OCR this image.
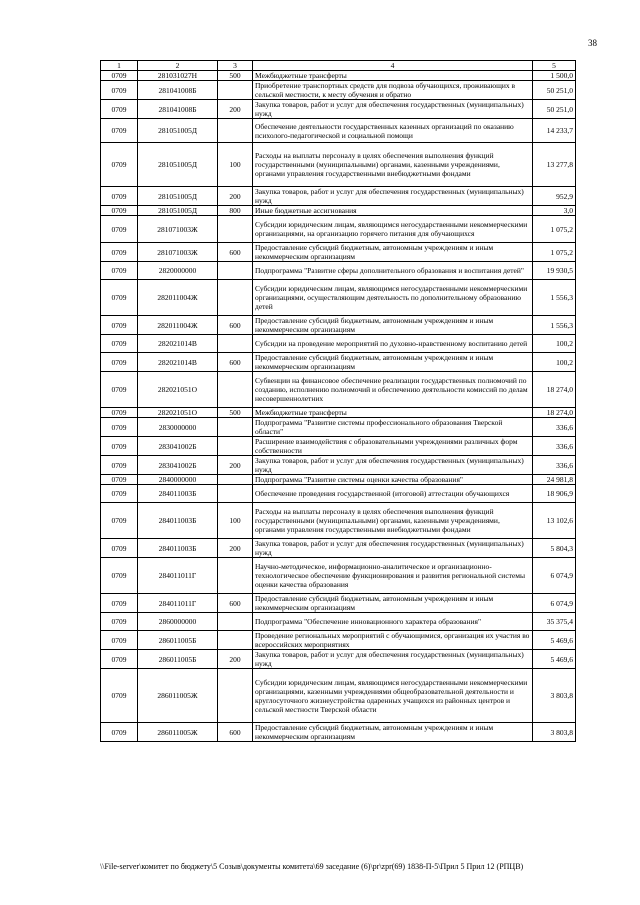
38
1	2	3	4	5
0709	281031027Н	500	Межбюджетные трансферты	1 500,0
0709	281041008Б		Приобретение транспортных средств для подвоза обучающихся, проживающих в сельской местности, к месту обучения и обратно	50 251,0
0709	281041008Б	200	Закупка товаров, работ и услуг для обеспечения государственных (муниципальных) нужд	50 251,0
0709	281051005Д		Обеспечение деятельности государственных казенных организаций по оказанию психолого-педагогической и социальной помощи	14 233,7
0709	281051005Д	100	Расходы на выплаты персоналу в целях обеспечения выполнения функций государственными (муниципальными) органами, казенными учреждениями, органами управления государственными внебюджетными фондами	13 277,8
0709	281051005Д	200	Закупка товаров, работ и услуг для обеспечения государственных (муниципальных) нужд	952,9
0709	281051005Д	800	Иные бюджетные ассигнования	3,0
0709	281071003Ж		Субсидии юридическим лицам, являющимся негосударственными некоммерческими организациями, на организацию горячего питания для обучающихся	1 075,2
0709	281071003Ж	600	Предоставление субсидий бюджетным, автономным учреждениям и иным некоммерческим организациям	1 075,2
0709	2820000000		Подпрограмма "Развитие сферы дополнительного образования и воспитания детей"	19 930,5
0709	282011004Ж		Субсидии юридическим лицам, являющимся негосударственными некоммерческими организациями, осуществляющим деятельность по дополнительному образованию детей	1 556,3
0709	282011004Ж	600	Предоставление субсидий бюджетным, автономным учреждениям и иным некоммерческим организациям	1 556,3
0709	282021014В		Субсидии на проведение мероприятий по духовно-нравственному воспитанию детей	100,2
0709	282021014В	600	Предоставление субсидий бюджетным, автономным учреждениям и иным некоммерческим организациям	100,2
0709	282021051О		Субвенции на финансовое обеспечение реализации государственных полномочий по созданию, исполнению полномочий и обеспечению деятельности комиссий по делам несовершеннолетних	18 274,0
0709	282021051О	500	Межбюджетные трансферты	18 274,0
0709	2830000000		Подпрограмма "Развитие системы профессионального образования Тверской области"	336,6
0709	283041002Б		Расширение взаимодействия с образовательными учреждениями различных форм собственности	336,6
0709	283041002Б	200	Закупка товаров, работ и услуг для обеспечения государственных (муниципальных) нужд	336,6
0709	2840000000		Подпрограмма "Развитие системы оценки качества образования"	24 981,8
0709	284011003Б		Обеспечение проведения государственной (итоговой) аттестации обучающихся	18 906,9
0709	284011003Б	100	Расходы на выплаты персоналу в целях обеспечения выполнения функций государственными (муниципальными) органами, казенными учреждениями, органами управления государственными внебюджетными фондами	13 102,6
0709	284011003Б	200	Закупка товаров, работ и услуг для обеспечения государственных (муниципальных) нужд	5 804,3
0709	284011011Г		Научно-методическое, информационно-аналитическое и организационно-технологическое обеспечение функционирования и развития региональной системы оценки качества образования	6 074,9
0709	284011011Г	600	Предоставление субсидий бюджетным, автономным учреждениям и иным некоммерческим организациям	6 074,9
0709	2860000000		Подпрограмма "Обеспечение инновационного характера образования"	35 375,4
0709	286011005Б		Проведение региональных мероприятий с обучающимися, организация их участия во всероссийских мероприятиях	5 469,6
0709	286011005Б	200	Закупка товаров, работ и услуг для обеспечения государственных (муниципальных) нужд	5 469,6
0709	286011005Ж		Субсидии юридическим лицам, являющимся негосударственными некоммерческими организациями, казенными учреждениями общеобразовательной деятельности и круглосуточного жизнеустройства одаренных учащихся из районных центров и сельской местности Тверской области	3 803,8
0709	286011005Ж	600	Предоставление субсидий бюджетным, автономным учреждениям и иным некоммерческим организациям	3 803,8
\\File-server\комитет по бюджету\5 Созыв\документы комитета\69 заседание (6)\pr\zpr(69) 1838-П-5\Прил 5 Прил 12 (РПЦВ)
